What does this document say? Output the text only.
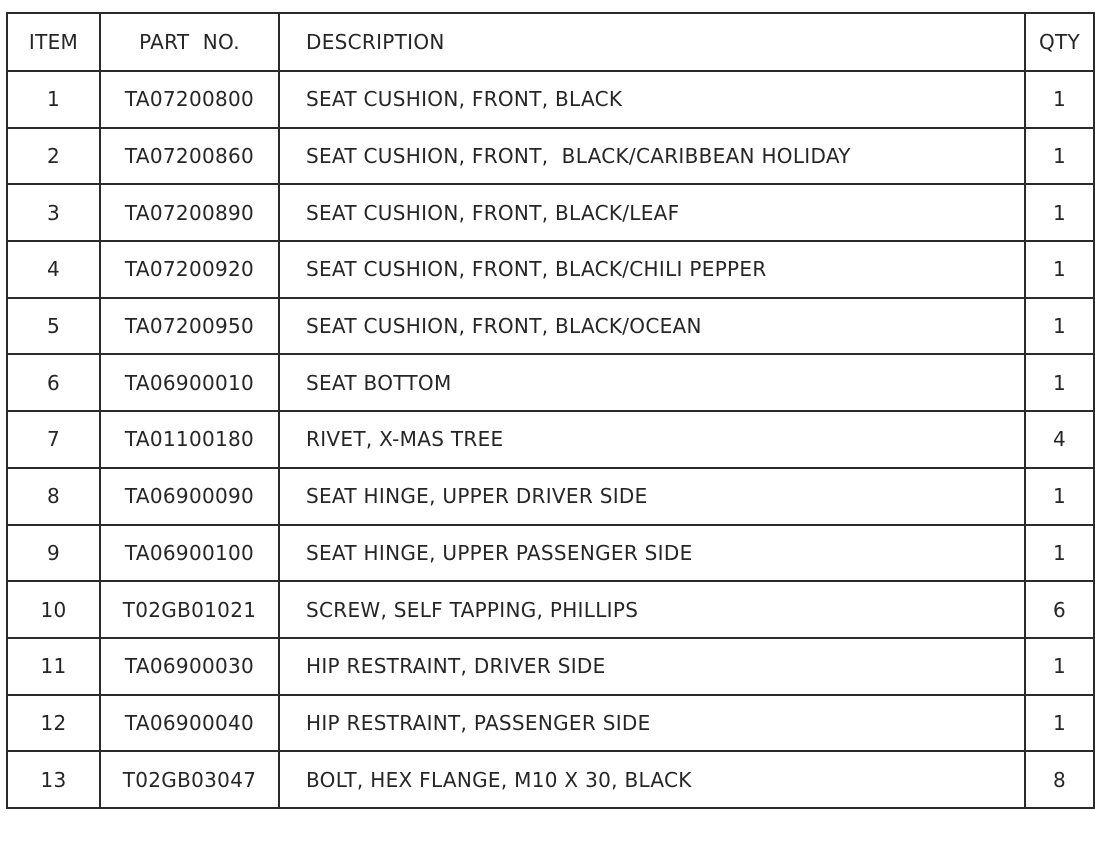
ITEM	PART  NO.	DESCRIPTION	QTY
1	TA07200800	SEAT CUSHION, FRONT, BLACK	1
2	TA07200860	SEAT CUSHION, FRONT,  BLACK/CARIBBEAN HOLIDAY	1
3	TA07200890	SEAT CUSHION, FRONT, BLACK/LEAF	1
4	TA07200920	SEAT CUSHION, FRONT, BLACK/CHILI PEPPER	1
5	TA07200950	SEAT CUSHION, FRONT, BLACK/OCEAN	1
6	TA06900010	SEAT BOTTOM	1
7	TA01100180	RIVET, X-MAS TREE	4
8	TA06900090	SEAT HINGE, UPPER DRIVER SIDE	1
9	TA06900100	SEAT HINGE, UPPER PASSENGER SIDE	1
10	T02GB01021	SCREW, SELF TAPPING, PHILLIPS	6
11	TA06900030	HIP RESTRAINT, DRIVER SIDE	1
12	TA06900040	HIP RESTRAINT, PASSENGER SIDE	1
13	T02GB03047	BOLT, HEX FLANGE, M10 X 30, BLACK	8
